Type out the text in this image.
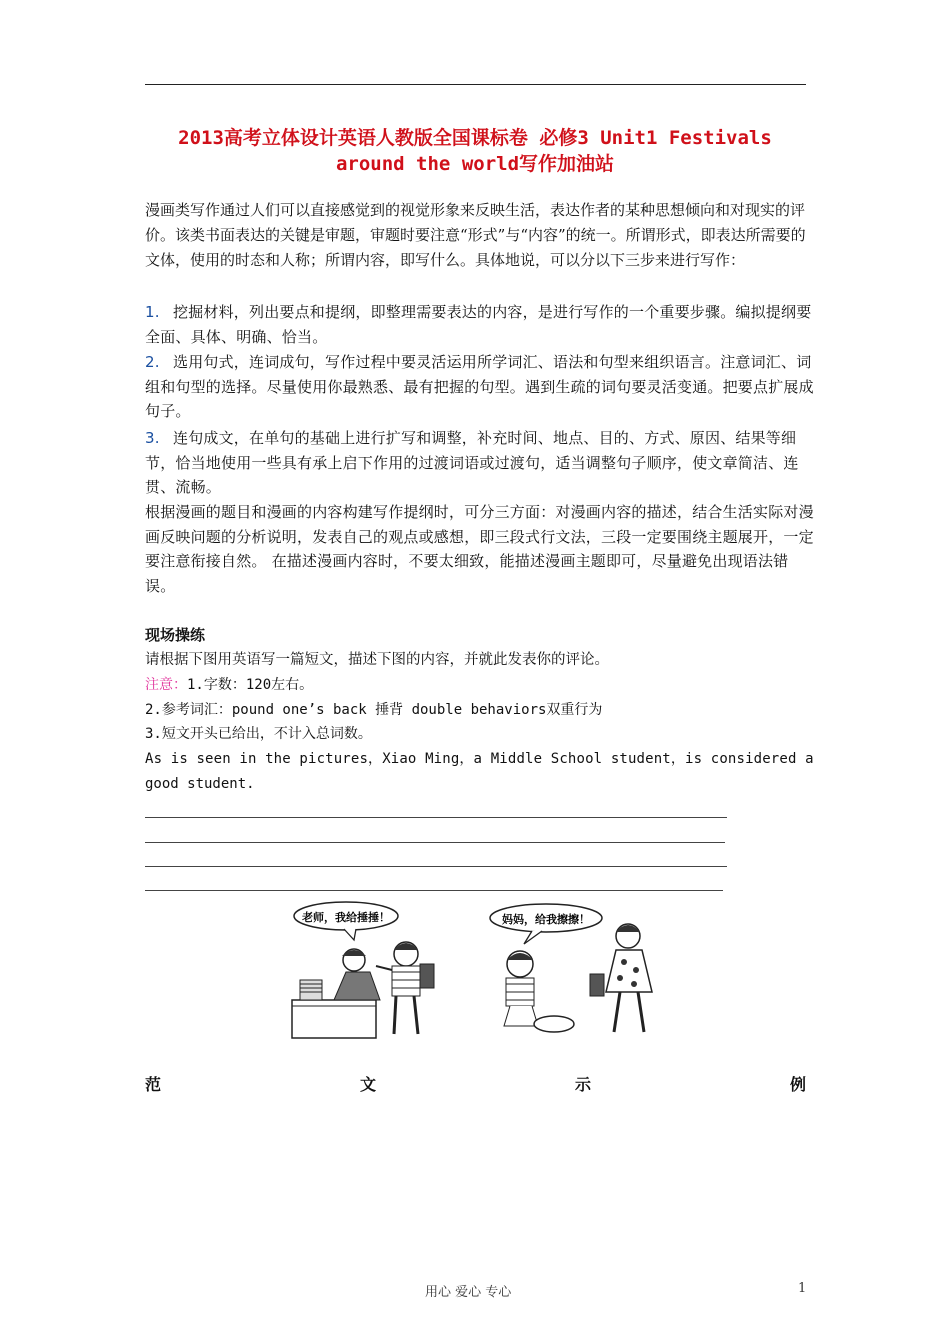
2013高考立体设计英语人教版全国课标卷 必修3 Unit1 Festivals
around the world写作加油站
漫画类写作通过人们可以直接感觉到的视觉形象来反映生活，表达作者的某种思想倾向和对现实的评价。该类书面表达的关键是审题，审题时要注意“形式”与“内容”的统一。所谓形式，即表达所需要的文体，使用的时态和人称；所谓内容，即写什么。具体地说，可以分以下三步来进行写作：
1. 挖掘材料，列出要点和提纲，即整理需要表达的内容，是进行写作的一个重要步骤。编拟提纲要全面、具体、明确、恰当。
2. 选用句式，连词成句，写作过程中要灵活运用所学词汇、语法和句型来组织语言。注意词汇、词组和句型的选择。尽量使用你最熟悉、最有把握的句型。遇到生疏的词句要灵活变通。把要点扩展成句子。
3. 连句成文，在单句的基础上进行扩写和调整，补充时间、地点、目的、方式、原因、结果等细节，恰当地使用一些具有承上启下作用的过渡词语或过渡句，适当调整句子顺序，使文章简洁、连贯、流畅。
根据漫画的题目和漫画的内容构建写作提纲时，可分三方面：对漫画内容的描述，结合生活实际对漫画反映问题的分析说明，发表自己的观点或感想，即三段式行文法，三段一定要围绕主题展开，一定要注意衔接自然。 在描述漫画内容时，不要太细致，能描述漫画主题即可，尽量避免出现语法错误。
现场操练
请根据下图用英语写一篇短文，描述下图的内容，并就此发表你的评论。
注意：1.字数：120左右。
2.参考词汇：pound one’s back 捶背 double behaviors双重行为
3.短文开头已给出，不计入总词数。
As is seen in the pictures，Xiao Ming，a Middle School student，is considered a
good student.
老师，我给捶捶！	妈妈，给我擦擦！
范	文	示	例
用心 爱心 专心	1
